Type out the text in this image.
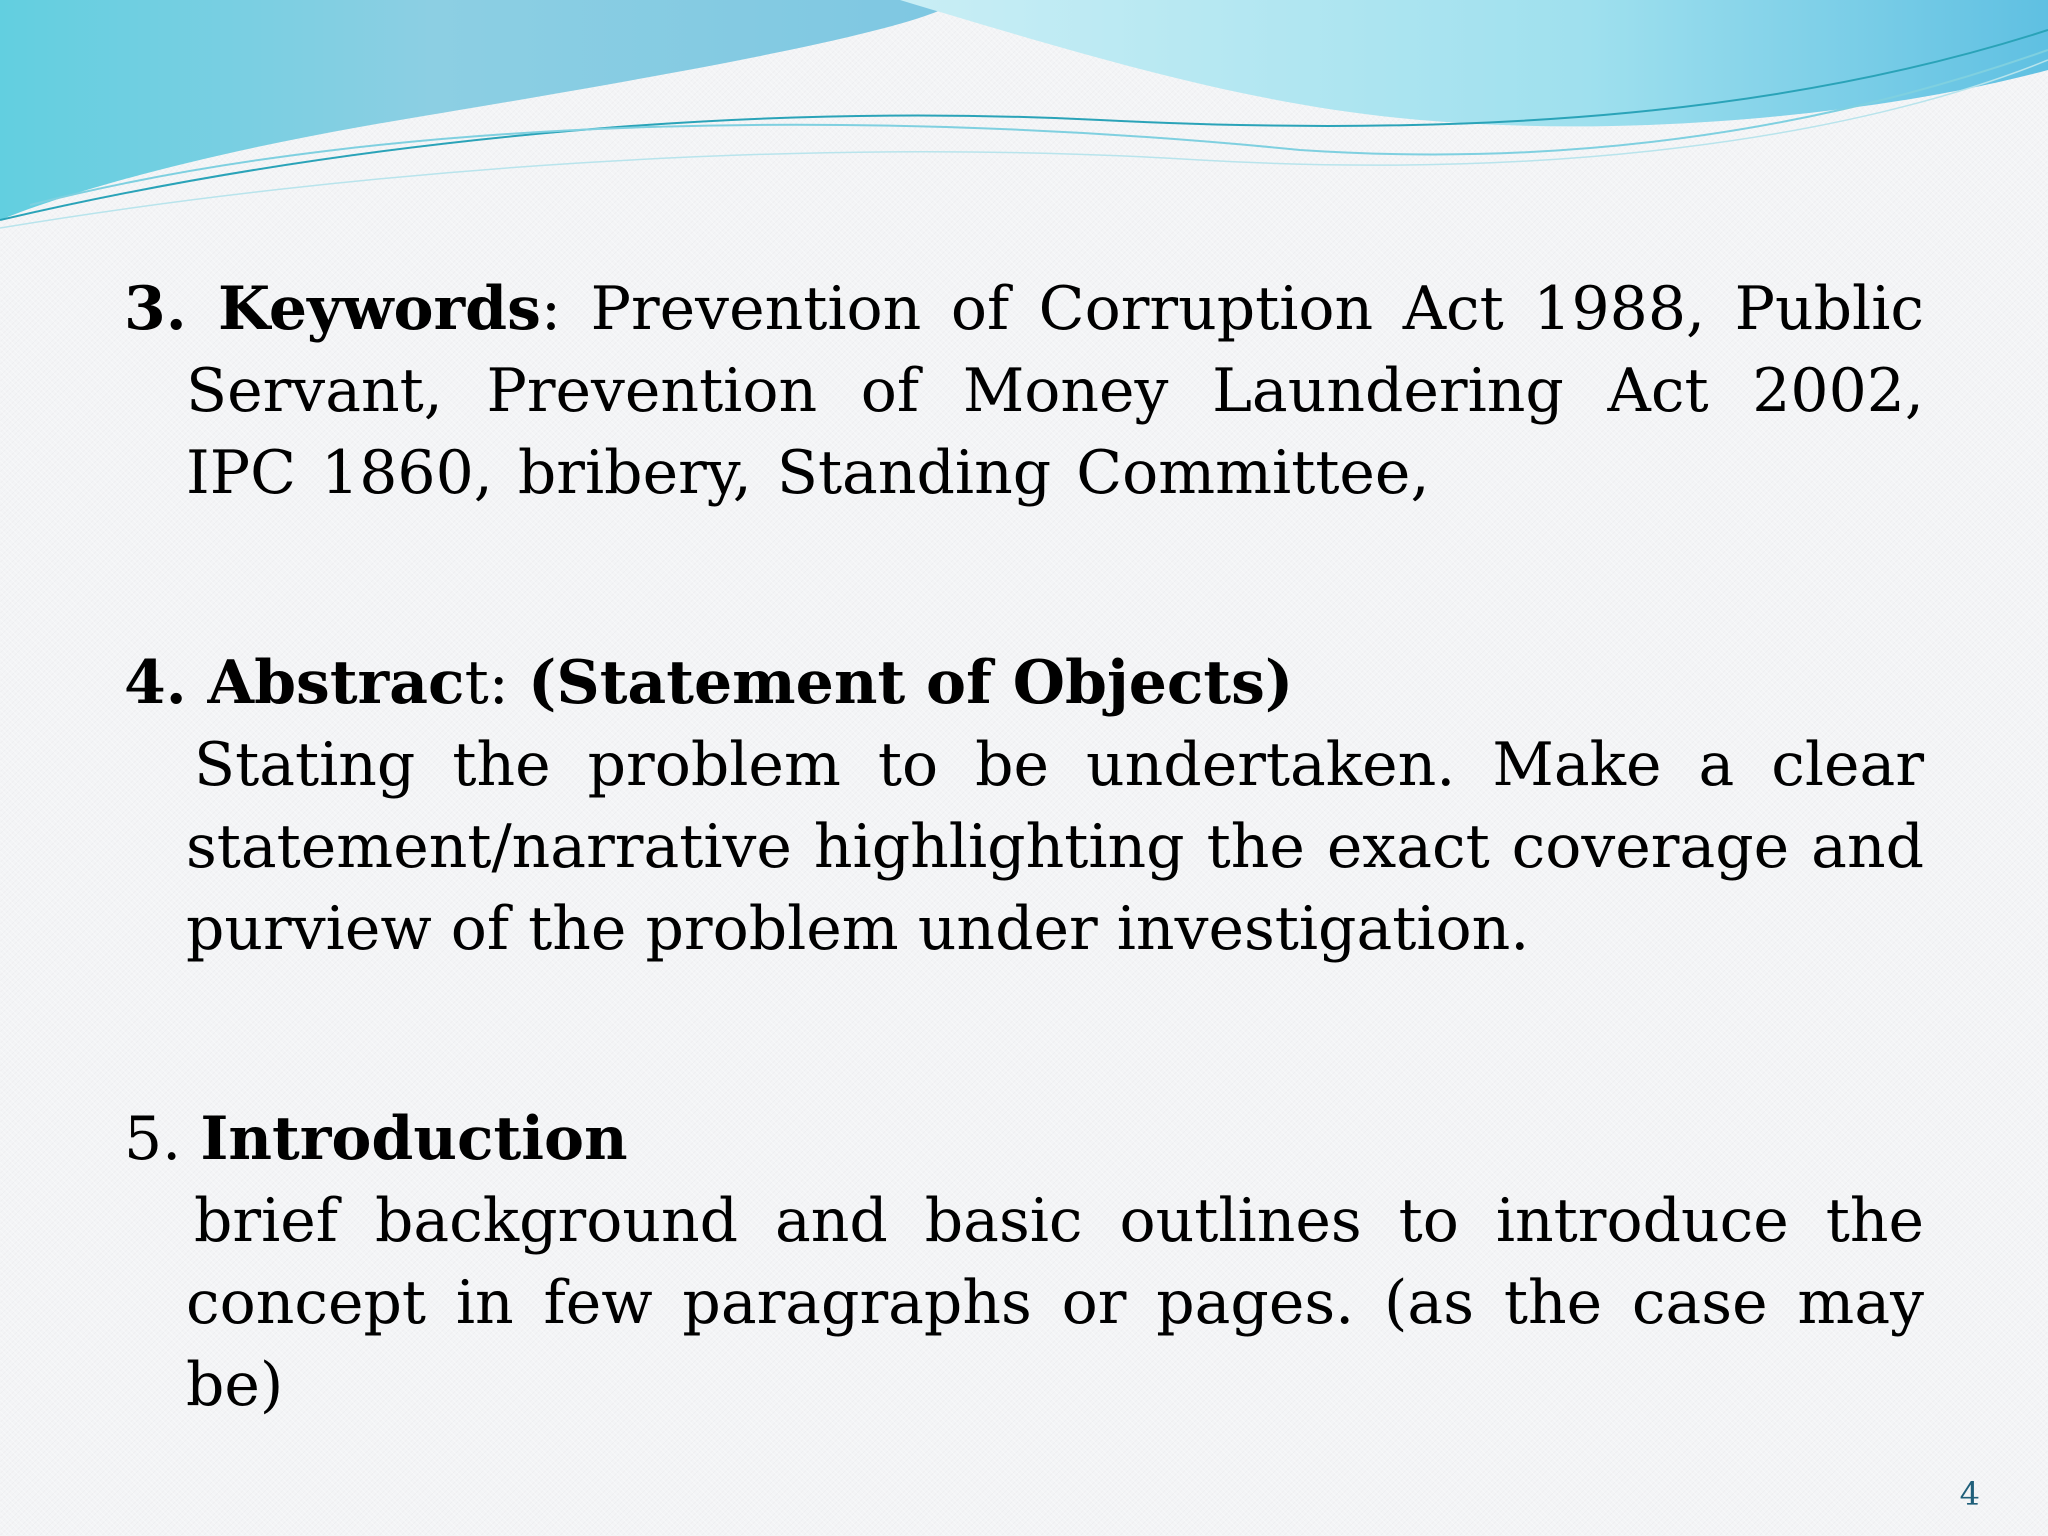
3. Keywords: Prevention of Corruption Act 1988, Public Servant, Prevention of Money Laundering Act 2002, IPC 1860, bribery, Standing Committee,

4. Abstract: (Statement of Objects)

Stating the problem to be undertaken. Make a clear statement/narrative highlighting the exact coverage and purview of the problem under investigation.

5. Introduction

brief background and basic outlines to introduce the concept in few paragraphs or pages. (as the case may be)

4
